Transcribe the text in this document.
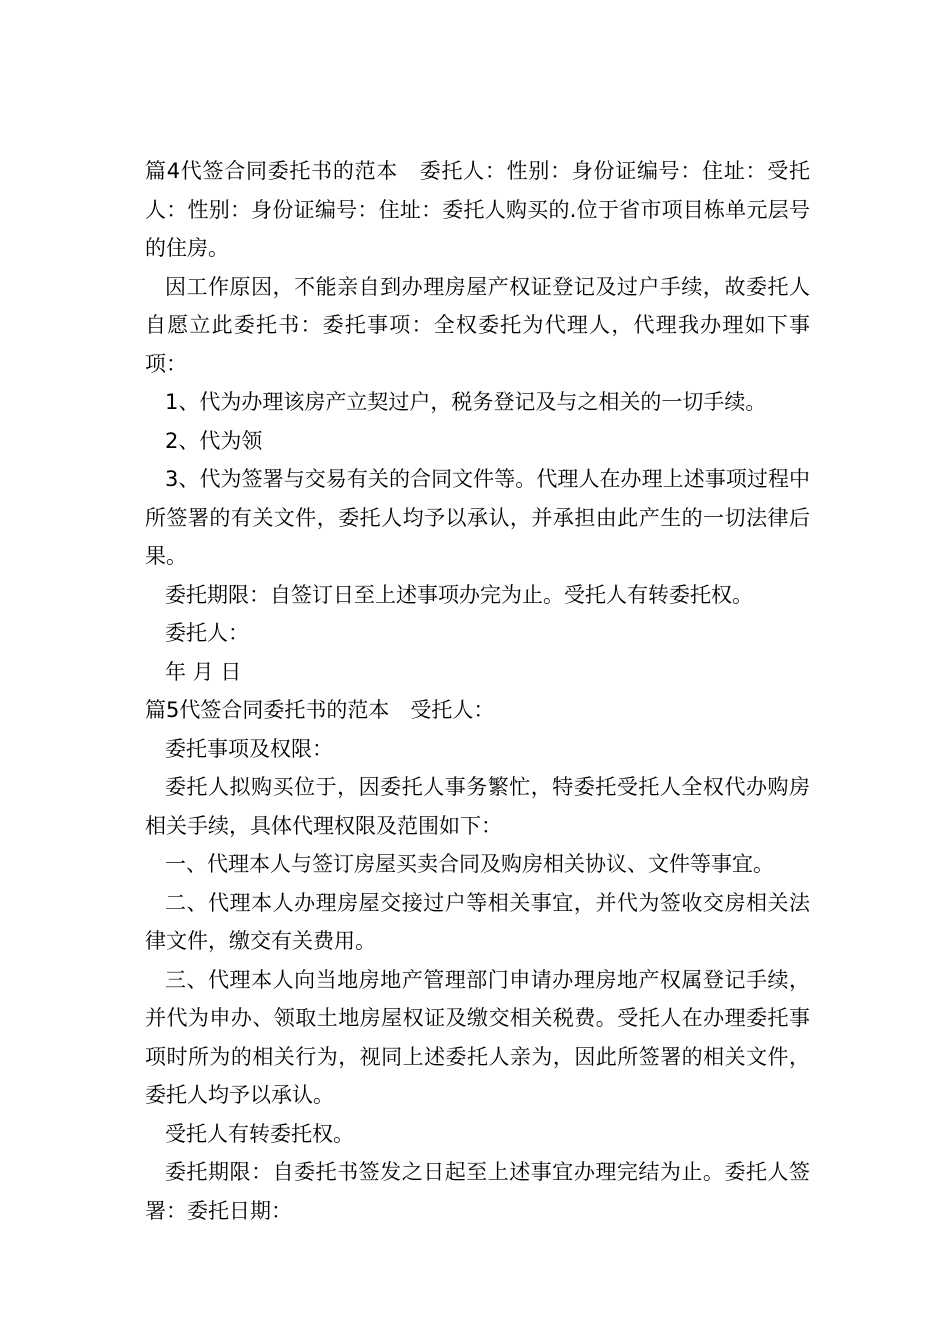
篇4代签合同委托书的范本　委托人：性别：身份证编号：住址：受托人：性别：身份证编号：住址：委托人购买的.位于省市项目栋单元层号的住房。

因工作原因，不能亲自到办理房屋产权证登记及过户手续，故委托人自愿立此委托书：委托事项：全权委托为代理人，代理我办理如下事项：

1、代为办理该房产立契过户，税务登记及与之相关的一切手续。

2、代为领

3、代为签署与交易有关的合同文件等。代理人在办理上述事项过程中所签署的有关文件，委托人均予以承认，并承担由此产生的一切法律后果。

委托期限：自签订日至上述事项办完为止。受托人有转委托权。

委托人：

年 月 日

篇5代签合同委托书的范本　受托人：

委托事项及权限：

委托人拟购买位于，因委托人事务繁忙，特委托受托人全权代办购房相关手续，具体代理权限及范围如下：

一、代理本人与签订房屋买卖合同及购房相关协议、文件等事宜。

二、代理本人办理房屋交接过户等相关事宜，并代为签收交房相关法律文件，缴交有关费用。

三、代理本人向当地房地产管理部门申请办理房地产权属登记手续，并代为申办、领取土地房屋权证及缴交相关税费。受托人在办理委托事项时所为的相关行为，视同上述委托人亲为，因此所签署的相关文件，委托人均予以承认。

受托人有转委托权。

委托期限：自委托书签发之日起至上述事宜办理完结为止。委托人签署：委托日期：
